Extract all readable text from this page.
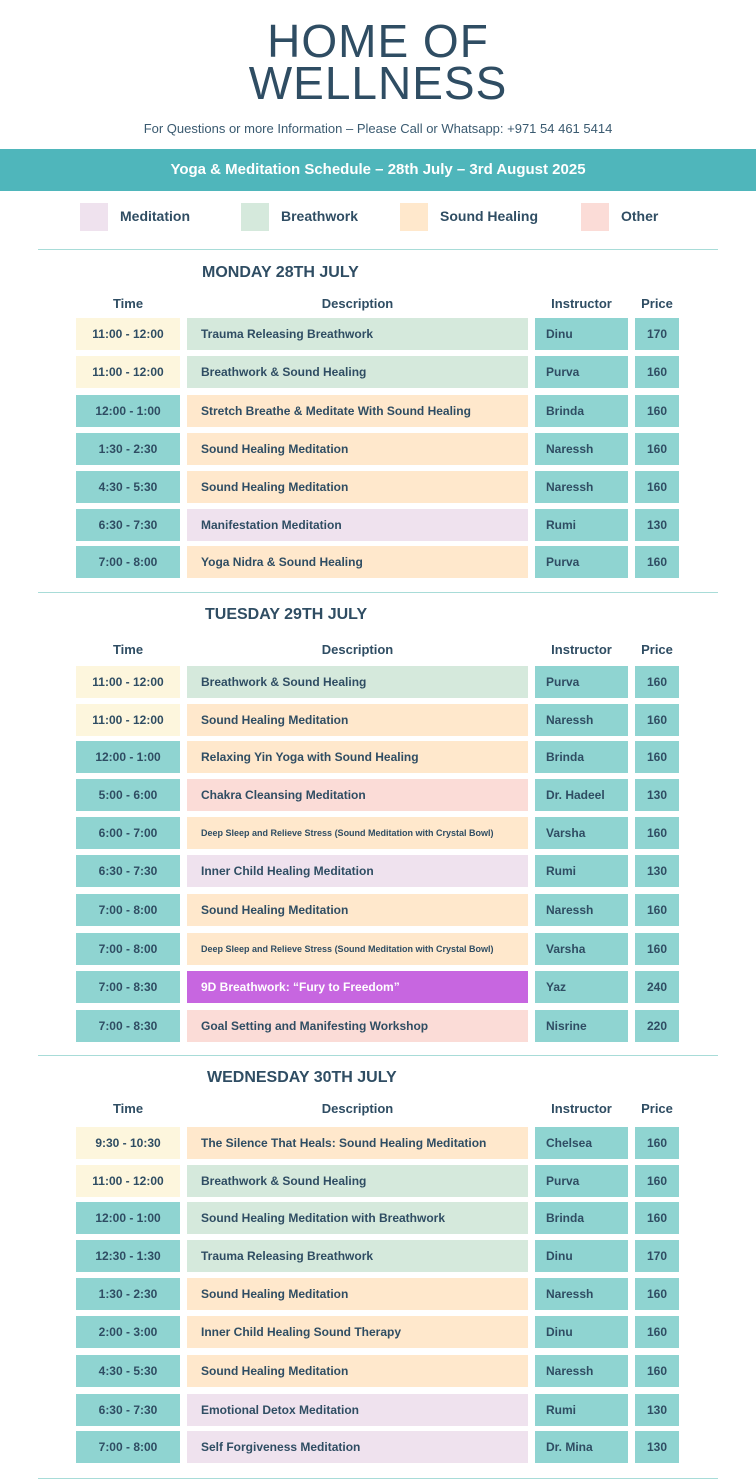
HOME OF
WELLNESS
For Questions or more Information – Please Call or Whatsapp: +971 54 461 5414
Yoga & Meditation Schedule – 28th July – 3rd August 2025
Meditation	Breathwork	Sound Healing	Other
MONDAY 28TH JULY
Time	Description	Instructor	Price
11:00 - 12:00	Trauma Releasing Breathwork	Dinu	170
11:00 - 12:00	Breathwork & Sound Healing	Purva	160
12:00 - 1:00	Stretch Breathe & Meditate With Sound Healing	Brinda	160
1:30 - 2:30	Sound Healing Meditation	Naressh	160
4:30 - 5:30	Sound Healing Meditation	Naressh	160
6:30 - 7:30	Manifestation Meditation	Rumi	130
7:00 - 8:00	Yoga Nidra & Sound Healing	Purva	160
TUESDAY 29TH JULY
Time	Description	Instructor	Price
11:00 - 12:00	Breathwork & Sound Healing	Purva	160
11:00 - 12:00	Sound Healing Meditation	Naressh	160
12:00 - 1:00	Relaxing Yin Yoga with Sound Healing	Brinda	160
5:00 - 6:00	Chakra Cleansing Meditation	Dr. Hadeel	130
6:00 - 7:00	Deep Sleep and Relieve Stress (Sound Meditation with Crystal Bowl)	Varsha	160
6:30 - 7:30	Inner Child Healing Meditation	Rumi	130
7:00 - 8:00	Sound Healing Meditation	Naressh	160
7:00 - 8:00	Deep Sleep and Relieve Stress (Sound Meditation with Crystal Bowl)	Varsha	160
7:00 - 8:30	9D Breathwork: “Fury to Freedom”	Yaz	240
7:00 - 8:30	Goal Setting and Manifesting Workshop	Nisrine	220
WEDNESDAY 30TH JULY
Time	Description	Instructor	Price
9:30 - 10:30	The Silence That Heals: Sound Healing Meditation	Chelsea	160
11:00 - 12:00	Breathwork & Sound Healing	Purva	160
12:00 - 1:00	Sound Healing Meditation with Breathwork	Brinda	160
12:30 - 1:30	Trauma Releasing Breathwork	Dinu	170
1:30 - 2:30	Sound Healing Meditation	Naressh	160
2:00 - 3:00	Inner Child Healing Sound Therapy	Dinu	160
4:30 - 5:30	Sound Healing Meditation	Naressh	160
6:30 - 7:30	Emotional Detox Meditation	Rumi	130
7:00 - 8:00	Self Forgiveness Meditation	Dr. Mina	130
